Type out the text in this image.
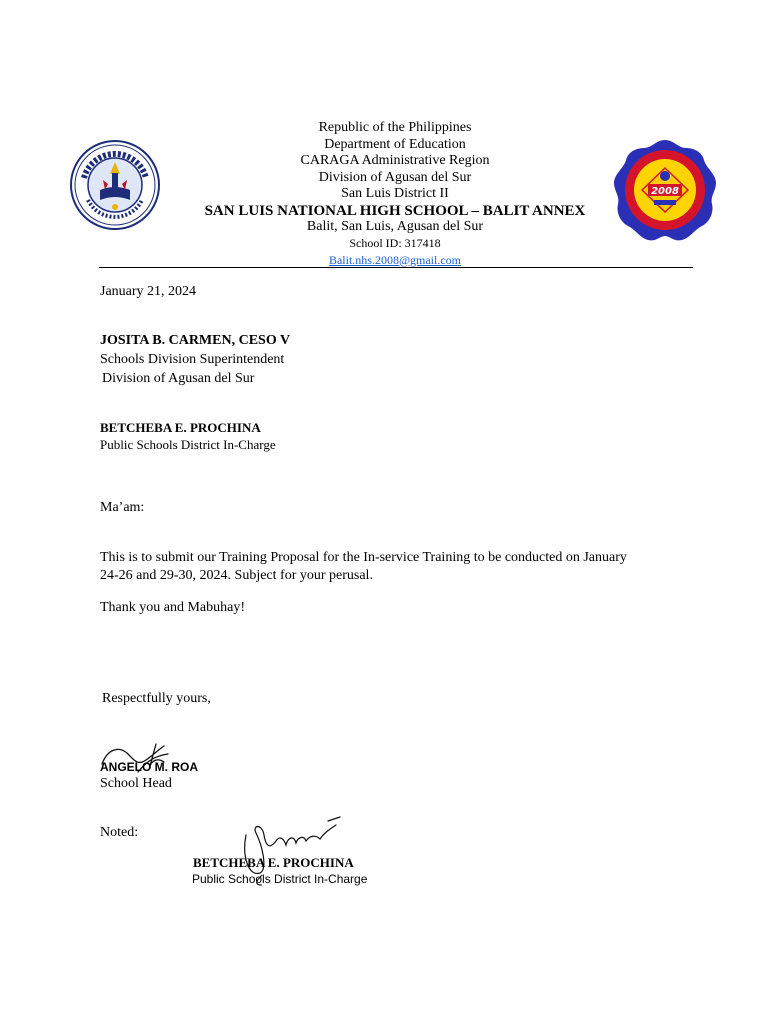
2008
Republic of the Philippines
Department of Education
CARAGA Administrative Region
Division of Agusan del Sur
San Luis District II
SAN LUIS NATIONAL HIGH SCHOOL – BALIT ANNEX
Balit, San Luis, Agusan del Sur
School ID: 317418
Balit.nhs.2008@gmail.com
January 21, 2024
JOSITA B. CARMEN, CESO V
Schools Division Superintendent
Division of Agusan del Sur
BETCHEBA E. PROCHINA
Public Schools District In-Charge
Ma’am:
This is to submit our Training Proposal for the In-service Training to be conducted on January
24-26 and 29-30, 2024. Subject for your perusal.
Thank you and Mabuhay!
Respectfully yours,
ANGELO M. ROA
School Head
Noted:
BETCHEBA E. PROCHINA
Public Schools District In-Charge
